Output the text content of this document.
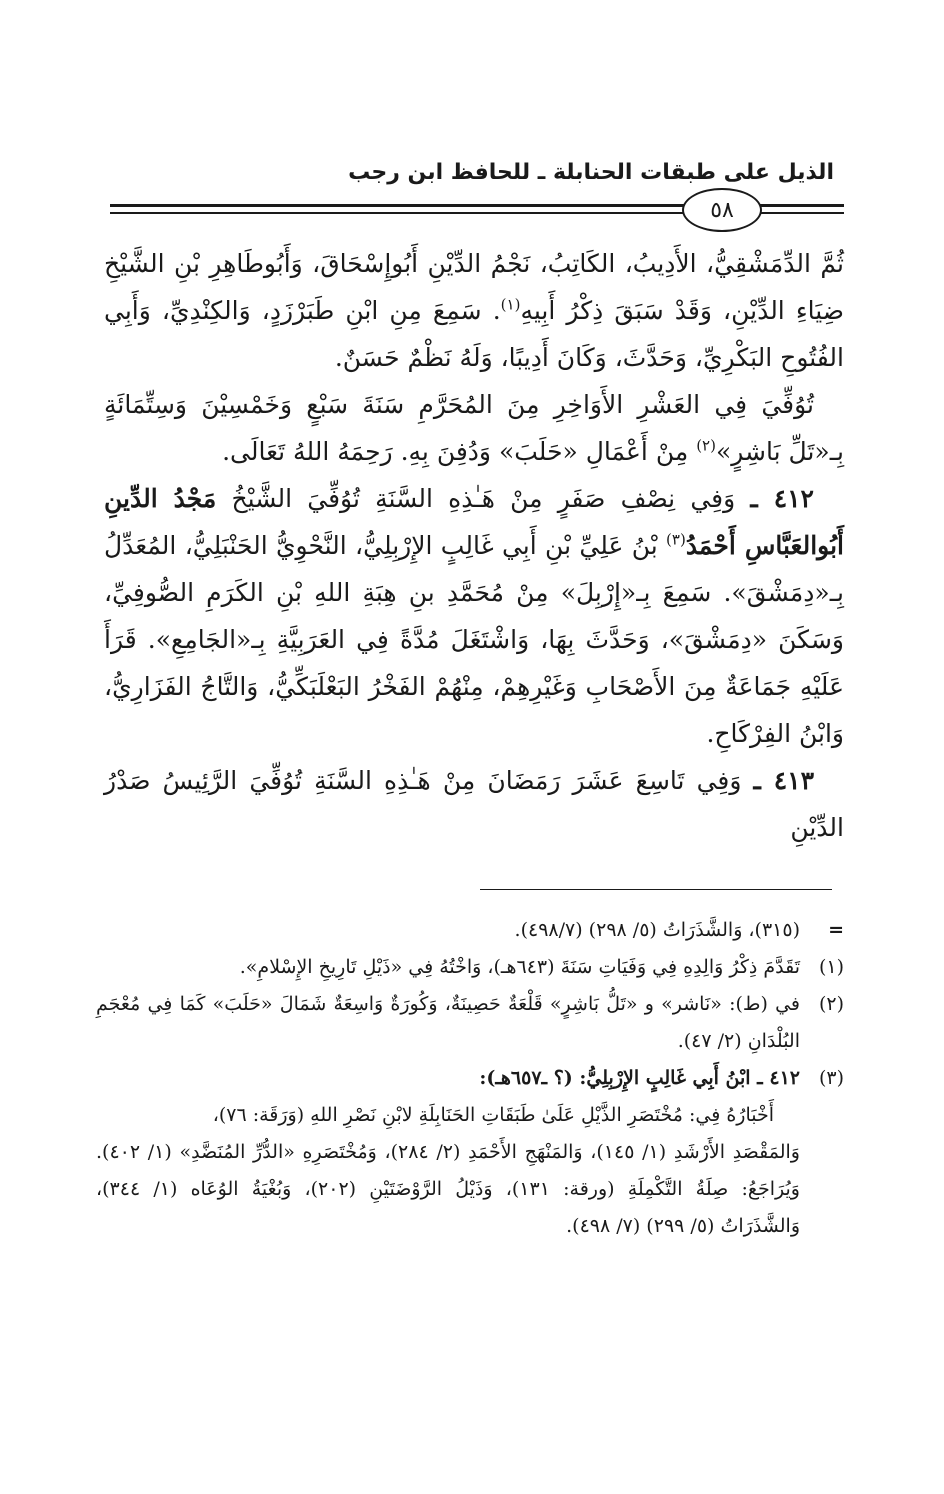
الذيل على طبقات الحنابلة ـ للحافظ ابن رجب
٥٨

ثُمَّ الدِّمَشْقِيُّ، الأَدِيبُ، الكَاتِبُ، نَجْمُ الدِّيْنِ أَبُوإِسْحَاقَ، وَأَبُوطَاهِرِ بْنِ الشَّيْخِ ضِيَاءِ الدِّيْنِ، وَقَدْ سَبَقَ ذِكْرُ أَبِيهِ$^{(١)}$. سَمِعَ مِنِ ابْنِ طَبَرْزَدٍ، وَالكِنْدِيِّ، وَأَبِي الفُتُوحِ البَكْرِيِّ، وَحَدَّثَ، وَكَانَ أَدِيبًا، وَلَهُ نَظْمٌ حَسَنٌ.

تُوُفِّيَ فِي العَشْرِ الأَوَاخِرِ مِنَ المُحَرَّمِ سَنَةَ سَبْعٍ وَخَمْسِيْنَ وَسِتِّمَائَةٍ بِـ«تَلِّ بَاشِرٍ»$^{(٢)}$ مِنْ أَعْمَالِ «حَلَبَ» وَدُفِنَ بِهِ. رَحِمَهُ اللهُ تَعَالَى.

٤١٢ ـ وَفِي نِصْفِ صَفَرٍ مِنْ هَـٰذِهِ السَّنَةِ تُوُفِّيَ الشَّيْخُ مَجْدُ الدِّينِ أَبُوالعَبَّاسِ أَحْمَدُ$^{(٣)}$ بْنُ عَلِيِّ بْنِ أَبِي غَالِبٍ الإِرْبِلِيُّ، النَّحْوِيُّ الحَنْبَلِيُّ، المُعَدِّلُ بِـ«دِمَشْقَ». سَمِعَ بِـ«إِرْبِلَ» مِنْ مُحَمَّدِ بنِ هِبَةِ اللهِ بْنِ الكَرَمِ الصُّوفِيِّ، وَسَكَنَ «دِمَشْقَ»، وَحَدَّثَ بِهَا، وَاشْتَغَلَ مُدَّةً فِي العَرَبِيَّةِ بِـ«الجَامِعِ». قَرَأَ عَلَيْهِ جَمَاعَةٌ مِنَ الأَصْحَابِ وَغَيْرِهِمْ، مِنْهُمْ الفَخْرُ البَعْلَبَكِّيُّ، وَالتَّاجُ الفَزَارِيُّ، وَابْنُ الفِرْكَاحِ.

٤١٣ ـ وَفِي تَاسِعَ عَشَرَ رَمَضَانَ مِنْ هَـٰذِهِ السَّنَةِ تُوُفِّيَ الرَّئِيسُ صَدْرُ الدِّيْنِ

=
(٣١٥)، وَالشَّذَرَاتُ (٥/ ٢٩٨) (٤٩٨/٧).
(١)
تَقَدَّمَ ذِكْرُ وَالِدِهِ فِي وَفَيَاتِ سَنَةَ (٦٤٣هـ)، وَاخْتُهُ فِي «ذَيْلِ تَارِيخِ الإِسْلامِ».
(٢)
في (ط): «نَاشر» و «تَلُّ بَاشِرٍ» قَلْعَةٌ حَصِينَةٌ، وَكُورَةٌ وَاسِعَةٌ شَمَالَ «حَلَبَ» كَمَا فِي مُعْجَمِ البُلْدَانِ (٢/ ٤٧).
(٣)
٤١٢ ـ ابْنُ أَبِي غَالِبٍ الإِرْبِلِيُّ: (؟ ـ٦٥٧هـ):
أَخْبَارُهُ فِي: مُخْتَصَرِ الذَّيْلِ عَلَىٰ طَبَقَاتِ الحَنَابِلَةِ لابْنِ نَصْرِ اللهِ (وَرَقَة: ٧٦)،
وَالمَقْصَدِ الأَرْشَدِ (١/ ١٤٥)، وَالمَنْهَجِ الأَحْمَدِ (٢/ ٢٨٤)، وَمُخْتَصَرِهِ «الدُّرِّ المُنَضَّدِ» (١/ ٤٠٢). وَيُرَاجَعُ: صِلَةُ التَّكْمِلَةِ (ورقة: ١٣١)، وَذَيْلُ الرَّوْضَتَيْنِ (٢٠٢)، وَبُغْيَةُ الوُعَاه (١/ ٣٤٤)، وَالشَّذَرَاتُ (٥/ ٢٩٩) (٧/ ٤٩٨).
